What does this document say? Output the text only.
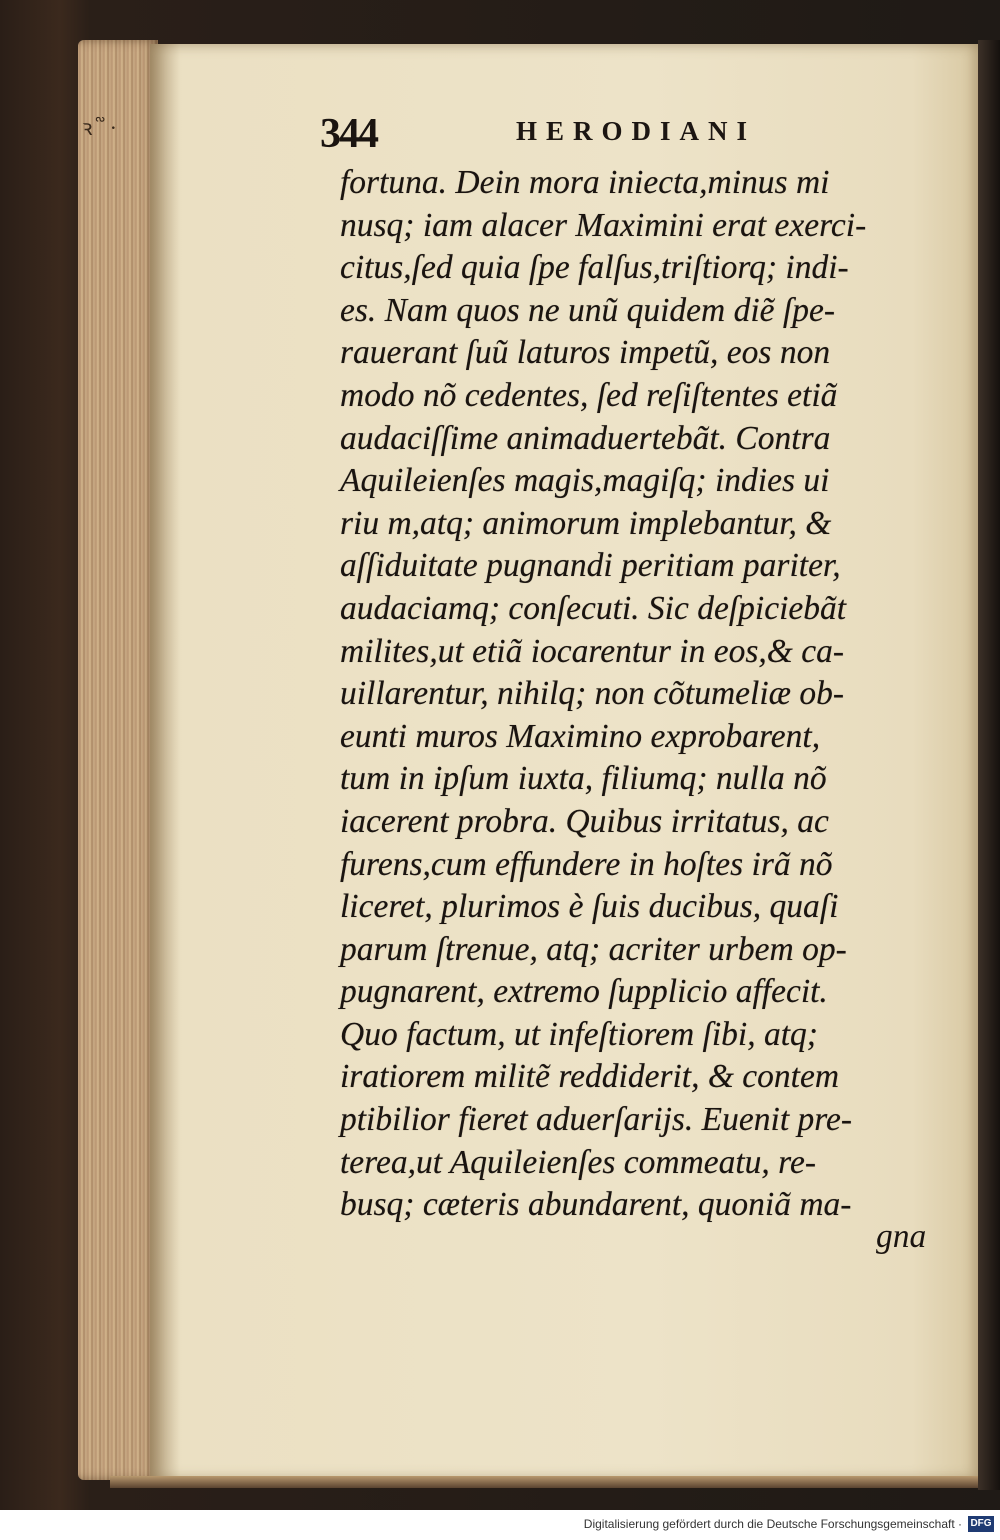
ꝛ ᷑ ·	344	HERODIANI
fortuna. Dein mora iniecta,minus mi
nusq; iam alacer Maximini erat exerci-
citus,ſed quia ſpe falſus,triſtiorq; indi-
es. Nam quos ne unũ quidem diẽ ſpe-
rauerant ſuũ laturos impetũ, eos non
modo nõ cedentes, ſed reſiſtentes etiã
audaciſſime animaduertebãt. Contra
Aquileienſes magis,magiſq; indies ui
riu m,atq; animorum implebantur, &
aſſiduitate pugnandi peritiam pariter,
audaciamq; conſecuti. Sic deſpiciebãt
milites,ut etiã iocarentur in eos,& ca-
uillarentur, nihilq; non cõtumeliæ ob-
eunti muros Maximino exprobarent,
tum in ipſum iuxta, filiumq; nulla nõ
iacerent probra. Quibus irritatus, ac
furens,cum effundere in hoſtes irã nõ
liceret, plurimos è ſuis ducibus, quaſi
parum ſtrenue, atq; acriter urbem op-
pugnarent, extremo ſupplicio affecit.
Quo factum, ut infeſtiorem ſibi, atq;
iratiorem militẽ reddiderit, & contem
ptibilior fieret aduerſarijs. Euenit pre-
terea,ut Aquileienſes commeatu, re-
busq; cæteris abundarent, quoniã ma-
gna
Digitalisierung gefördert durch die Deutsche Forschungsgemeinschaft · DFG
